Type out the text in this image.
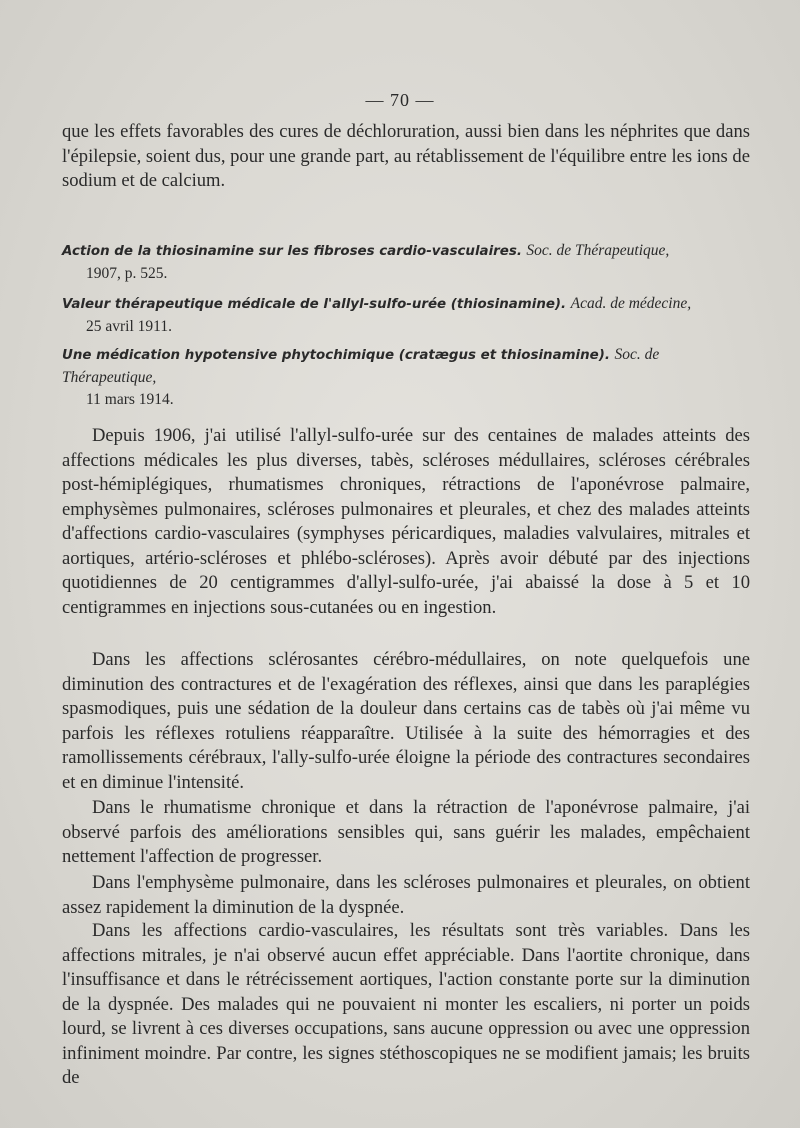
— 70 —

que les effets favorables des cures de déchloruration, aussi bien dans les néphrites que dans l'épilepsie, soient dus, pour une grande part, au rétablissement de l'équilibre entre les ions de sodium et de calcium.

Action de la thiosinamine sur les fibroses cardio-vasculaires. Soc. de Thérapeutique,
1907, p. 525.

Valeur thérapeutique médicale de l'allyl-sulfo-urée (thiosinamine). Acad. de médecine,
25 avril 1911.

Une médication hypotensive phytochimique (cratægus et thiosinamine). Soc. de Thérapeutique,
11 mars 1914.

Depuis 1906, j'ai utilisé l'allyl-sulfo-urée sur des centaines de malades atteints des affections médicales les plus diverses, tabès, scléroses médullaires, scléroses cérébrales post-hémiplégiques, rhumatismes chroniques, rétractions de l'aponévrose palmaire, emphysèmes pulmonaires, scléroses pulmonaires et pleurales, et chez des malades atteints d'affections cardio-vasculaires (symphyses péricardiques, maladies valvulaires, mitrales et aortiques, artério-scléroses et phlébo-scléroses). Après avoir débuté par des injections quotidiennes de 20 centigrammes d'allyl-sulfo-urée, j'ai abaissé la dose à 5 et 10 centigrammes en injections sous-cutanées ou en ingestion.

Dans les affections sclérosantes cérébro-médullaires, on note quelquefois une diminution des contractures et de l'exagération des réflexes, ainsi que dans les paraplégies spasmodiques, puis une sédation de la douleur dans certains cas de tabès où j'ai même vu parfois les réflexes rotuliens réapparaître. Utilisée à la suite des hémorragies et des ramollissements cérébraux, l'ally-sulfo-urée éloigne la période des contractures secondaires et en diminue l'intensité.

Dans le rhumatisme chronique et dans la rétraction de l'aponévrose palmaire, j'ai observé parfois des améliorations sensibles qui, sans guérir les malades, empêchaient nettement l'affection de progresser.

Dans l'emphysème pulmonaire, dans les scléroses pulmonaires et pleurales, on obtient assez rapidement la diminution de la dyspnée.

Dans les affections cardio-vasculaires, les résultats sont très variables. Dans les affections mitrales, je n'ai observé aucun effet appréciable. Dans l'aortite chronique, dans l'insuffisance et dans le rétrécissement aortiques, l'action constante porte sur la diminution de la dyspnée. Des malades qui ne pouvaient ni monter les escaliers, ni porter un poids lourd, se livrent à ces diverses occupations, sans aucune oppression ou avec une oppression infiniment moindre. Par contre, les signes stéthoscopiques ne se modifient jamais; les bruits de
